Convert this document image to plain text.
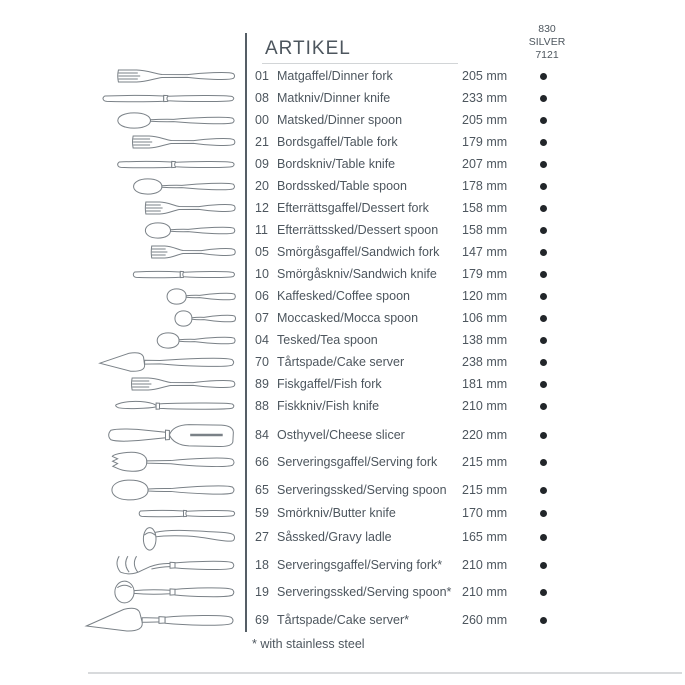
ARTIKEL
830
SILVER
7121
01 Matgaffel/Dinner fork	205 mm
08 Matkniv/Dinner knife	233 mm
00 Matsked/Dinner spoon	205 mm
21 Bordsgaffel/Table fork	179 mm
09 Bordskniv/Table knife	207 mm
20 Bordssked/Table spoon	178 mm
12 Efterrättsgaffel/Dessert fork	158 mm
11 Efterrättssked/Dessert spoon	158 mm
05 Smörgåsgaffel/Sandwich fork	147 mm
10 Smörgåskniv/Sandwich knife	179 mm
06 Kaffesked/Coffee spoon	120 mm
07 Moccasked/Mocca spoon	106 mm
04 Tesked/Tea spoon	138 mm
70 Tårtspade/Cake server	238 mm
89 Fiskgaffel/Fish fork	181 mm
88 Fiskkniv/Fish knife	210 mm
84 Osthyvel/Cheese slicer	220 mm
66 Serveringsgaffel/Serving fork	215 mm
65 Serveringssked/Serving spoon	215 mm
59 Smörkniv/Butter knife	170 mm
27 Såssked/Gravy ladle	165 mm
18 Serveringsgaffel/Serving fork*	210 mm
19 Serveringssked/Serving spoon* 210 mm
69 Tårtspade/Cake server*	260 mm
* with stainless steel
